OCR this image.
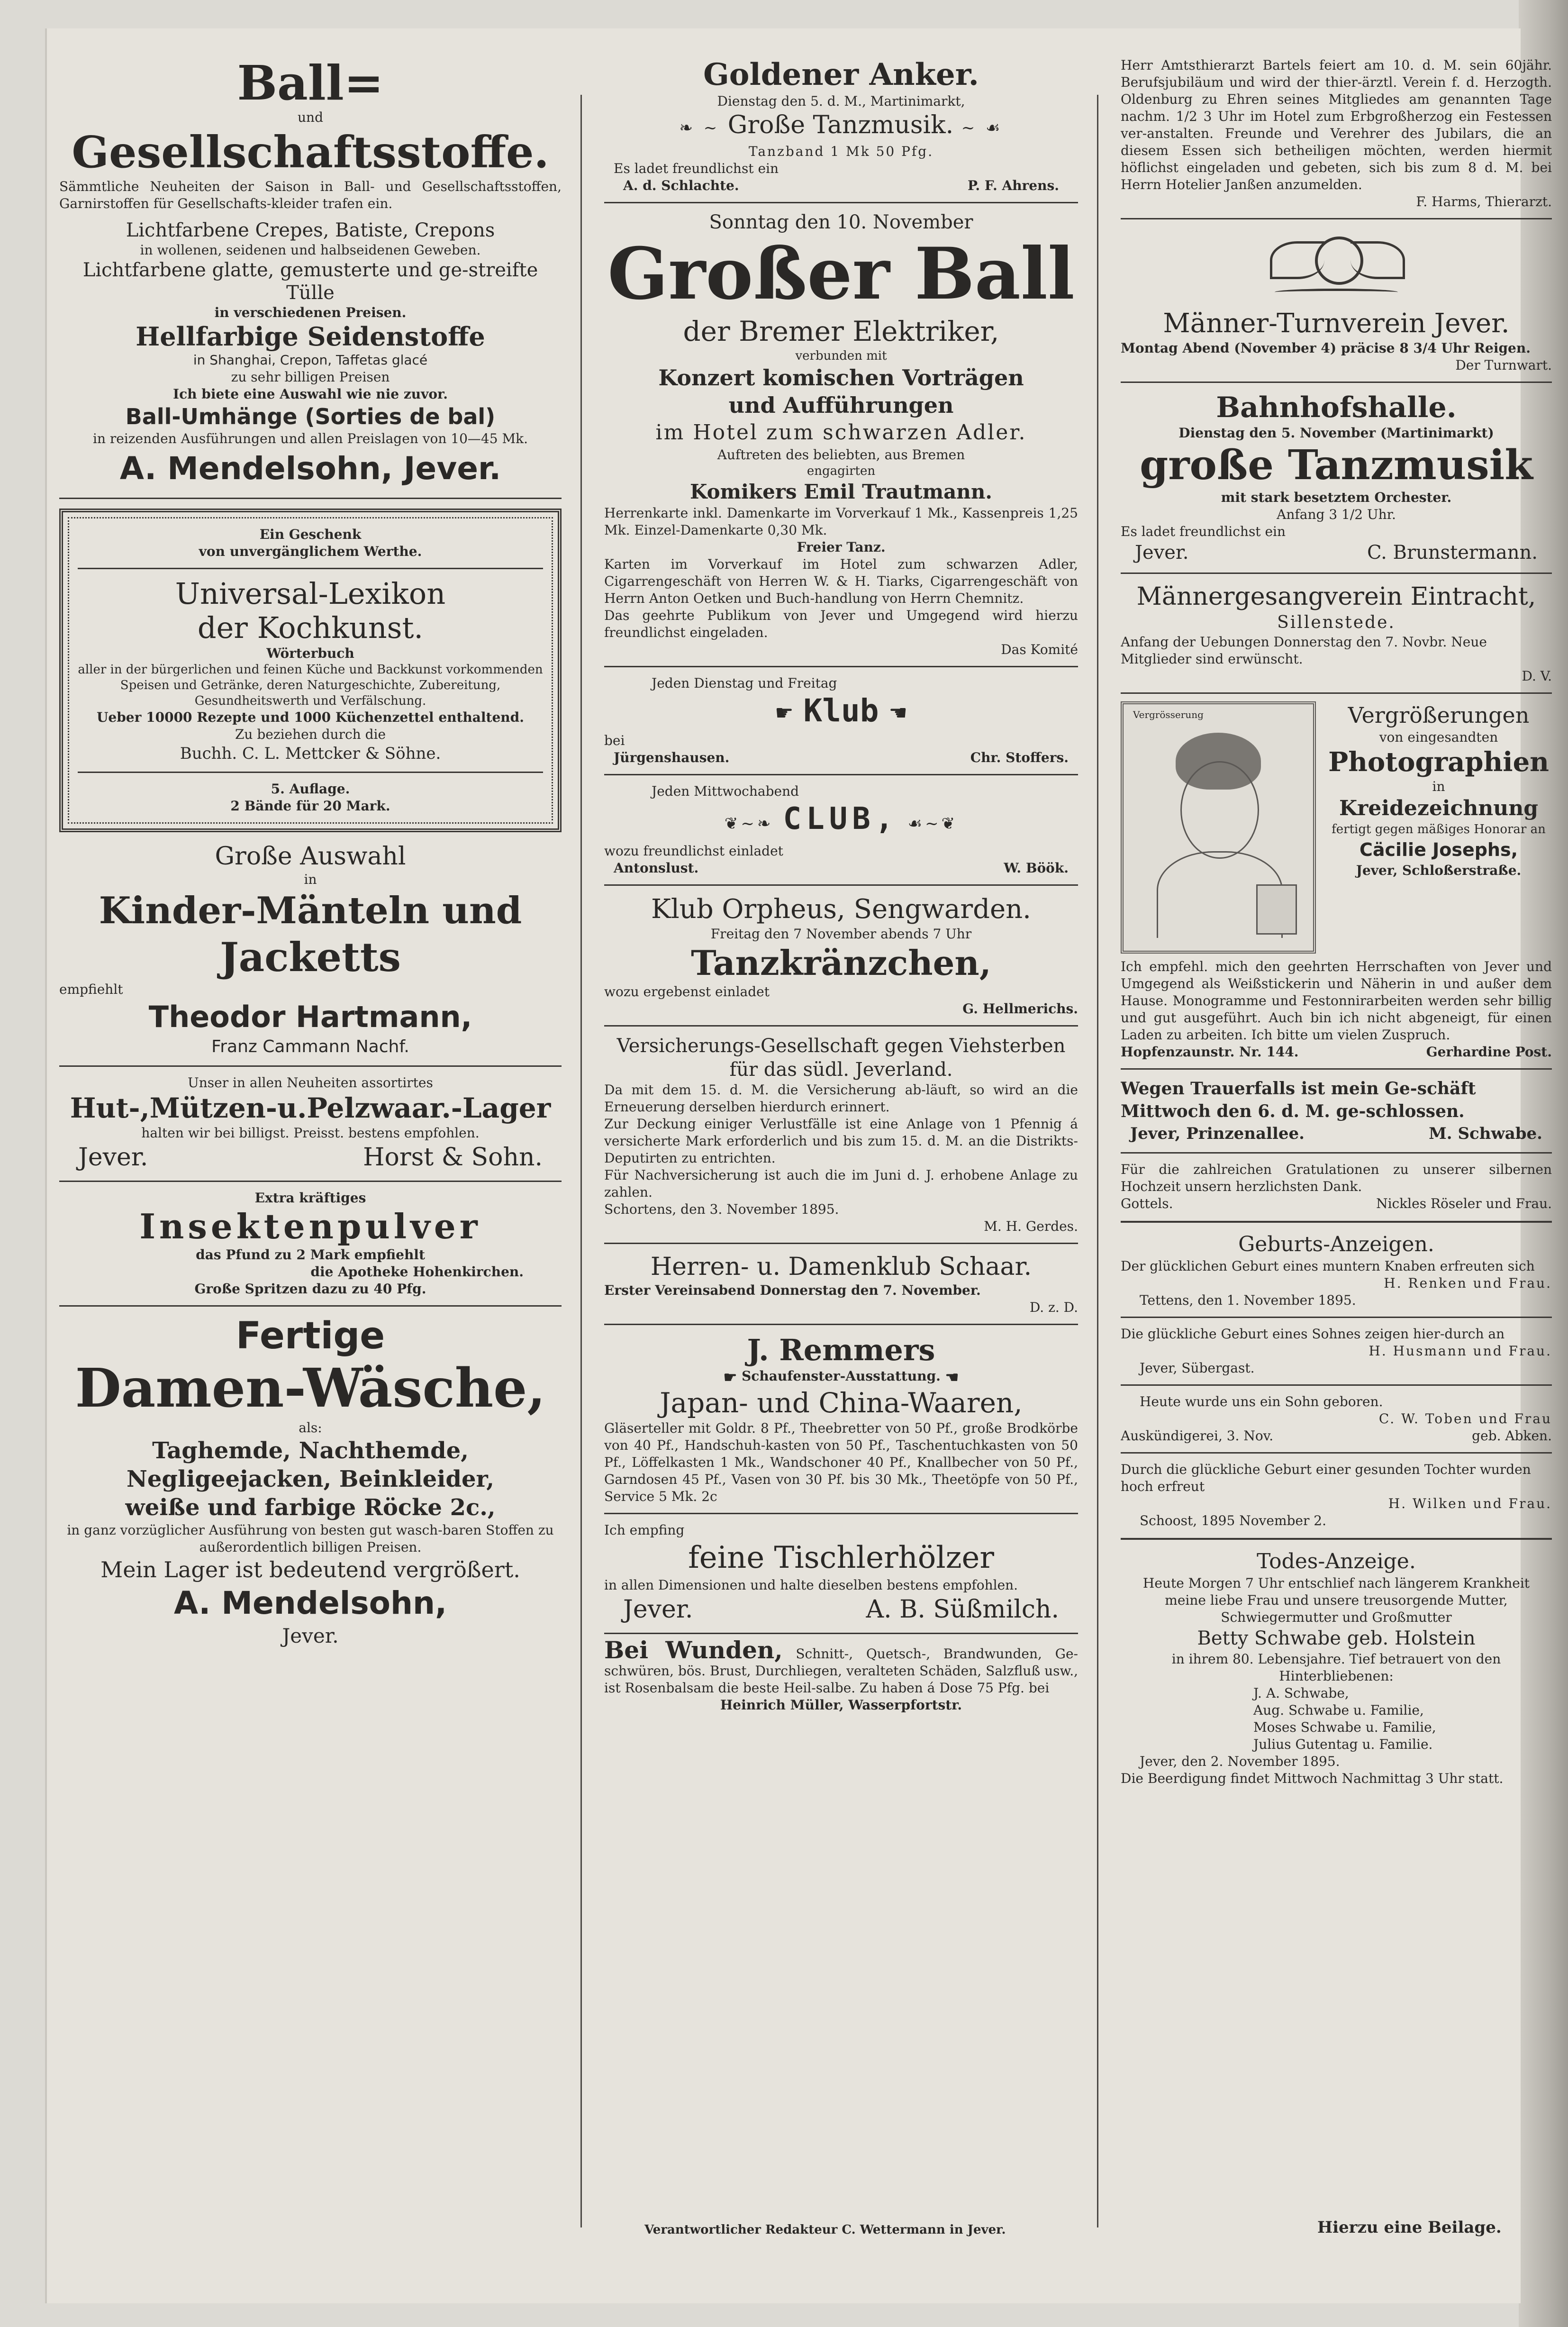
Ball=
und
Gesellschaftsstoffe.
Sämmtliche Neuheiten der Saison in Ball- und Gesellschaftsstoffen, Garnirstoffen für Gesellschafts-kleider trafen ein.
Lichtfarbene Crepes, Batiste, Crepons
in wollenen, seidenen und halbseidenen Geweben.
Lichtfarbene glatte, gemusterte und ge-streifte Tülle
in verschiedenen Preisen.
Hellfarbige Seidenstoffe
in Shanghai, Crepon, Taffetas glacé
zu sehr billigen Preisen
Ich biete eine Auswahl wie nie zuvor.
Ball-Umhänge (Sorties de bal)
in reizenden Ausführungen und allen Preislagen von 10—45 Mk.
A. Mendelsohn, Jever.
Ein Geschenk
von unvergänglichem Werthe.
Universal-Lexikon
der Kochkunst.
Wörterbuch
aller in der bürgerlichen und feinen Küche und Backkunst vorkommenden Speisen und Getränke, deren Naturgeschichte, Zubereitung, Gesundheitswerth und Verfälschung.
Ueber 10000 Rezepte und 1000 Küchenzettel enthaltend.
Zu beziehen durch die
Buchh. C. L. Mettcker & Söhne.
5. Auflage.
2 Bände für 20 Mark.
Große Auswahl
in
Kinder-Mänteln und
Jacketts
empfiehlt
Theodor Hartmann,
Franz Cammann Nachf.
Unser in allen Neuheiten assortirtes
Hut-,Mützen-u.Pelzwaar.-Lager
halten wir bei billigst. Preisst. bestens empfohlen.
Jever.	Horst & Sohn.
Extra kräftiges
Insektenpulver
das Pfund zu 2 Mark empfiehlt
die Apotheke Hohenkirchen.
Große Spritzen dazu zu 40 Pfg.
Fertige
Damen-Wäsche,
als:
Taghemde, Nachthemde,
Negligeejacken, Beinkleider,
weiße und farbige Röcke 2c.,
in ganz vorzüglicher Ausführung von besten gut wasch-baren Stoffen zu außerordentlich billigen Preisen.
Mein Lager ist bedeutend vergrößert.
A. Mendelsohn,
Jever.
Goldener Anker.
Dienstag den 5. d. M., Martinimarkt,
❧ ~ Große Tanzmusik. ~ ☙
Tanzband 1 Mk 50 Pfg.
Es ladet freundlichst ein
A. d. Schlachte.	P. F. Ahrens.
Sonntag den 10. November
Großer Ball
der Bremer Elektriker,
verbunden mit
Konzert komischen Vorträgen
und Aufführungen
im Hotel zum schwarzen Adler.
Auftreten des beliebten, aus Bremen
engagirten
Komikers Emil Trautmann.
Herrenkarte inkl. Damenkarte im Vorverkauf 1 Mk., Kassenpreis 1,25 Mk. Einzel-Damenkarte 0,30 Mk.
Freier Tanz.
Karten im Vorverkauf im Hotel zum schwarzen Adler, Cigarrengeschäft von Herren W. & H. Tiarks, Cigarrengeschäft von Herrn Anton Oetken und Buch-handlung von Herrn Chemnitz.
Das geehrte Publikum von Jever und Umgegend wird hierzu freundlichst eingeladen.
Das Komité
Jeden Dienstag und Freitag
☛ Klub ☚
bei
Jürgenshausen.	Chr. Stoffers.
Jeden Mittwochabend
❦~❧ CLUB, ☙~❦
wozu freundlichst einladet
Antonslust.	W. Böök.
Klub Orpheus, Sengwarden.
Freitag den 7 November abends 7 Uhr
Tanzkränzchen,
wozu ergebenst einladet
G. Hellmerichs.
Versicherungs-Gesellschaft gegen Viehsterben für das südl. Jeverland.
Da mit dem 15. d. M. die Versicherung ab-läuft, so wird an die Erneuerung derselben hierdurch erinnert.
Zur Deckung einiger Verlustfälle ist eine Anlage von 1 Pfennig á versicherte Mark erforderlich und bis zum 15. d. M. an die Distrikts-Deputirten zu entrichten.
Für Nachversicherung ist auch die im Juni d. J. erhobene Anlage zu zahlen.
Schortens, den 3. November 1895.
M. H. Gerdes.
Herren- u. Damenklub Schaar.
Erster Vereinsabend Donnerstag den 7. November.
D. z. D.
J. Remmers
☛ Schaufenster-Ausstattung. ☚
Japan- und China-Waaren,
Gläserteller mit Goldr. 8 Pf., Theebretter von 50 Pf., große Brodkörbe von 40 Pf., Handschuh-kasten von 50 Pf., Taschentuchkasten von 50 Pf., Löffelkasten 1 Mk., Wandschoner 40 Pf., Knallbecher von 50 Pf., Garndosen 45 Pf., Vasen von 30 Pf. bis 30 Mk., Theetöpfe von 50 Pf., Service 5 Mk. 2c
Ich empfing
feine Tischlerhölzer
in allen Dimensionen und halte dieselben bestens empfohlen.
Jever.	A. B. Süßmilch.
Bei Wunden, Schnitt-, Quetsch-, Brandwunden, Ge-schwüren, bös. Brust, Durchliegen, veralteten Schäden, Salzfluß usw., ist Rosenbalsam die beste Heil-salbe. Zu haben á Dose 75 Pfg. bei
Heinrich Müller, Wasserpfortstr.
Herr Amtsthierarzt Bartels feiert am 10. d. M. sein 60jähr. Berufsjubiläum und wird der thier-ärztl. Verein f. d. Herzogth. Oldenburg zu Ehren seines Mitgliedes am genannten Tage nachm. 1/2 3 Uhr im Hotel zum Erbgroßherzog ein Festessen ver-anstalten. Freunde und Verehrer des Jubilars, die an diesem Essen sich betheiligen möchten, werden hiermit höflichst eingeladen und gebeten, sich bis zum 8 d. M. bei Herrn Hotelier Janßen anzumelden.
F. Harms, Thierarzt.
Männer-Turnverein Jever.
Montag Abend (November 4) präcise 8 3/4 Uhr Reigen.
Der Turnwart.
Bahnhofshalle.
Dienstag den 5. November (Martinimarkt)
große Tanzmusik
mit stark besetztem Orchester.
Anfang 3 1/2 Uhr.
Es ladet freundlichst ein
Jever.	C. Brunstermann.
Männergesangverein Eintracht,
Sillenstede.
Anfang der Uebungen Donnerstag den 7. Novbr. Neue Mitglieder sind erwünscht.
D. V.
Vergrösserung	Vergrößerungen
von eingesandten
Photographien
in
Kreidezeichnung
fertigt gegen mäßiges Honorar an
Cäcilie Josephs,
Jever, Schloßerstraße.
Ich empfehl. mich den geehrten Herrschaften von Jever und Umgegend als Weißstickerin und Näherin in und außer dem Hause. Monogramme und Festonnirarbeiten werden sehr billig und gut ausgeführt. Auch bin ich nicht abgeneigt, für einen Laden zu arbeiten. Ich bitte um vielen Zuspruch.
Hopfenzaunstr. Nr. 144.	Gerhardine Post.
Wegen Trauerfalls ist mein Ge-schäft Mittwoch den 6. d. M. ge-schlossen.
Jever, Prinzenallee.	M. Schwabe.
Für die zahlreichen Gratulationen zu unserer silbernen Hochzeit unsern herzlichsten Dank.
Gottels.	Nickles Röseler und Frau.
Geburts-Anzeigen.
Der glücklichen Geburt eines muntern Knaben erfreuten sich
H. Renken und Frau.
Tettens, den 1. November 1895.
Die glückliche Geburt eines Sohnes zeigen hier-durch an
H. Husmann und Frau.
Jever, Sübergast.
Heute wurde uns ein Sohn geboren.
C. W. Toben und Frau
Auskündigerei, 3. Nov.	geb. Abken.
Durch die glückliche Geburt einer gesunden Tochter wurden hoch erfreut
H. Wilken und Frau.
Schoost, 1895 November 2.
Todes-Anzeige.
Heute Morgen 7 Uhr entschlief nach längerem Krankheit meine liebe Frau und unsere treusorgende Mutter, Schwiegermutter und Großmutter
Betty Schwabe geb. Holstein
in ihrem 80. Lebensjahre. Tief betrauert von den Hinterbliebenen:
J. A. Schwabe,
Aug. Schwabe u. Familie,
Moses Schwabe u. Familie,
Julius Gutentag u. Familie.
Jever, den 2. November 1895.
Die Beerdigung findet Mittwoch Nachmittag 3 Uhr statt.
Verantwortlicher Redakteur C. Wettermann in Jever.	Hierzu eine Beilage.
